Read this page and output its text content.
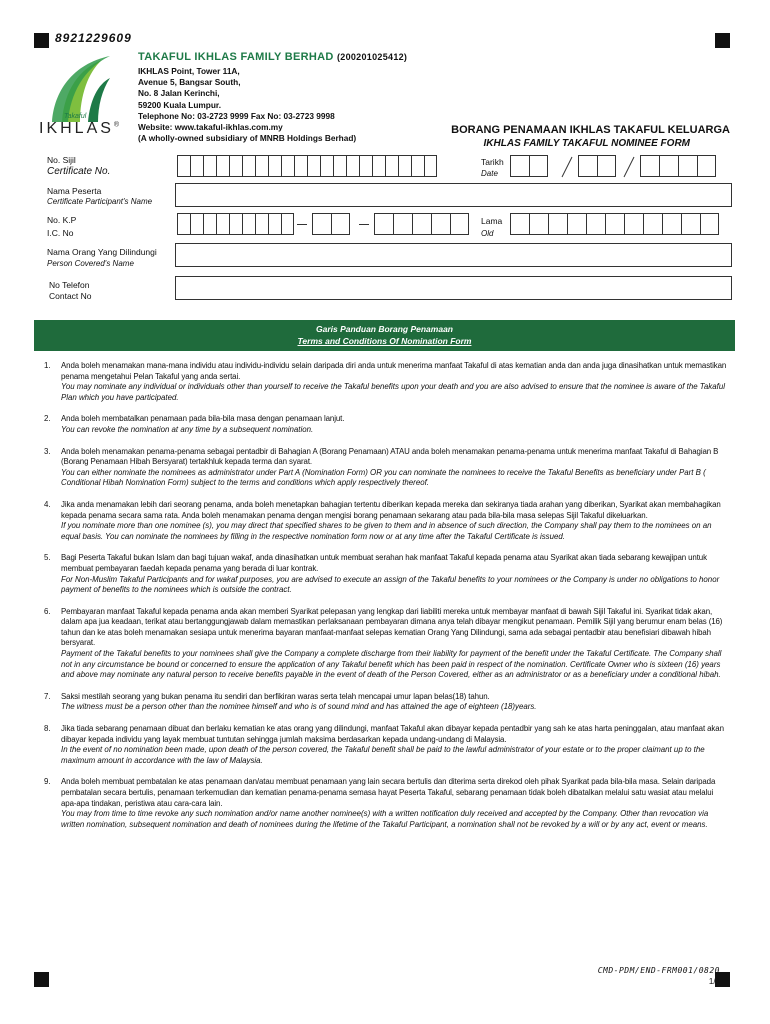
8921229609
Takaful
IKHLAS®
TAKAFUL IKHLAS FAMILY BERHAD (200201025412)
IKHLAS Point, Tower 11A,
Avenue 5, Bangsar South,
No. 8 Jalan Kerinchi,
59200 Kuala Lumpur.
Telephone No: 03-2723 9999 Fax No: 03-2723 9998
Website: www.takaful-ikhlas.com.my
(A wholly-owned subsidiary of MNRB Holdings Berhad)
BORANG PENAMAAN IKHLAS TAKAFUL KELUARGA
IKHLAS FAMILY TAKAFUL NOMINEE FORM
No. Sijil
Certificate No.
Tarikh
Date
Nama Peserta
Certificate Participant's Name
No. K.P
I.C. No
Lama
Old
Nama Orang Yang Dilindungi
Person Covered's Name
No Telefon
Contact No
Garis Panduan Borang Penamaan
Terms and Conditions Of Nomination Form
1.	Anda boleh menamakan mana-mana individu atau individu-individu selain daripada diri anda untuk menerima manfaat Takaful di atas kematian anda dan anda juga dinasihatkan untuk memastikan penama mengetahui Pelan Takaful yang anda sertai.
You may nominate any individual or individuals other than yourself to receive the Takaful benefits upon your death and you are also advised to ensure that the nominee is aware of the Takaful Plan which you have participated.
2.	Anda boleh membatalkan penamaan pada bila-bila masa dengan penamaan lanjut.
You can revoke the nomination at any time by a subsequent nomination.
3.	Anda boleh menamakan penama-penama sebagai pentadbir di Bahagian A (Borang Penamaan) ATAU anda boleh menamakan penama-penama untuk menerima manfaat Takaful di Bahagian B (Borang Penamaan Hibah Bersyarat) tertakhluk kepada terma dan syarat.
You can either nominate the nominees as administrator under Part A (Nomination Form) OR you can nominate the nominees to receive the Takaful Benefits as beneficiary under Part B ( Conditional Hibah Nomination Form) subject to the terms and conditions which apply respectively thereof.
4.	Jika anda menamakan lebih dari seorang penama, anda boleh menetapkan bahagian tertentu diberikan kepada mereka dan sekiranya tiada arahan yang diberikan, Syarikat akan membahagikan kepada penama secara sama rata. Anda boleh menamakan penama dengan mengisi borang penamaan sekarang atau pada bila-bila masa selepas Sijil Takaful dikeluarkan.
If you nominate more than one nominee (s), you may direct that specified shares to be given to them and in absence of such direction, the Company shall pay them to the nominees on an equal basis. You can nominate the nominees by filling in the respective nomination form now or at any time after the Takaful Certificate is issued.
5.	Bagi Peserta Takaful bukan Islam dan bagi tujuan wakaf, anda dinasihatkan untuk membuat serahan hak manfaat Takaful kepada penama atau Syarikat akan tiada sebarang kewajipan untuk membuat pembayaran faedah kepada penama yang berada di luar kontrak.
For Non-Muslim Takaful Participants and for wakaf purposes, you are advised to execute an assign of the Takaful benefits to your nominees or the Company is under no obligations to honor payment of benefits to the nominees which is outside the contract.
6.	Pembayaran manfaat Takaful kepada penama anda akan memberi Syarikat pelepasan yang lengkap dari liabiliti mereka untuk membayar manfaat di bawah Sijil Takaful ini. Syarikat tidak akan, dalam apa jua keadaan, terikat atau bertanggungjawab dalam memastikan perlaksanaan pembayaran dimana anya telah dibayar mengikut penamaan. Pemilik Sijil yang berumur enam belas (16) tahun dan ke atas boleh menamakan sesiapa untuk menerima bayaran manfaat-manfaat selepas kematian Orang Yang Dilindungi, sama ada sebagai pentadbir atau benefisiari dibawah hibah bersyarat.
Payment of the Takaful benefits to your nominees shall give the Company a complete discharge from their liability for payment of the benefit under the Takaful Certificate. The Company shall not in any circumstance be bound or concerned to ensure the application of any Takaful benefit which has been paid in respect of the nomination. Certificate Owner who is sixteen (16) years and above may nominate any natural person to receive benefits payable in the event of death of the Person Covered, either as an administrator or as a beneficiary under a conditional hibah.
7.	Saksi mestilah seorang yang bukan penama itu sendiri dan berfikiran waras serta telah mencapai umur lapan belas(18) tahun.
The witness must be a person other than the nominee himself and who is of sound mind and has attained the age of eighteen (18)years.
8.	Jika tiada sebarang penamaan dibuat dan berlaku kematian ke atas orang yang dilindungi, manfaat Takaful akan dibayar kepada pentadbir yang sah ke atas harta peninggalan, atau manfaat akan dibayar kepada individu yang layak membuat tuntutan sehingga jumlah maksima berdasarkan kepada undang-undang di Malaysia.
In the event of no nomination been made, upon death of the person covered, the Takaful benefit shall be paid to the lawful administrator of your estate or to the proper claimant up to the maximum amount in accordance with the law of Malaysia.
9.	Anda boleh membuat pembatalan ke atas penamaan dan/atau membuat penamaan yang lain secara bertulis dan diterima serta direkod oleh pihak Syarikat pada bila-bila masa. Selain daripada pembatalan secara bertulis, penamaan terkemudian dan kematian penama-penama semasa hayat Peserta Takaful, sebarang penamaan tidak boleh dibatalkan melalui satu wasiat atau melalui apa-apa tindakan, peristiwa atau cara-cara lain.
You may from time to time revoke any such nomination and/or name another nominee(s) with a written notification duly received and accepted by the Company. Other than revocation via written nomination, subsequent nomination and death of nominees during the lifetime of the Takaful Participant, a nomination shall not be revoked by a will or by any act, event or means.
CMD-PDM/END-FRM001/0820
1/4
